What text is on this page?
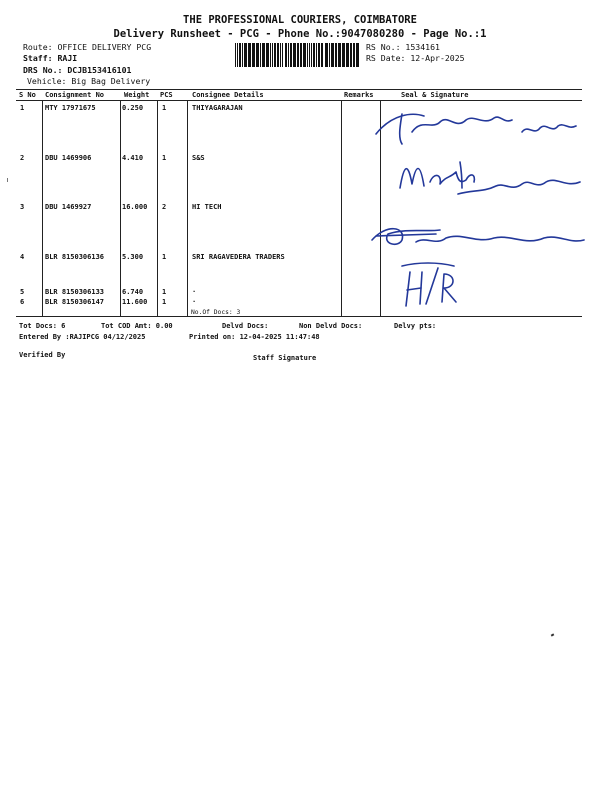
THE PROFESSIONAL COURIERS, COIMBATORE
Delivery Runsheet - PCG - Phone No.:9047080280 - Page No.:1
Route: OFFICE DELIVERY PCG
Staff: RAJI
DRS No.: DCJB153416101
Vehicle: Big Bag Delivery
RS No.: 1534161
RS Date: 12-Apr-2025
S No Consignment No	Weight PCS	Consignee Details	Remarks	Seal & Signature
1	MTY 17971675	0.250	1	THIYAGARAJAN
2	DBU 1469906	4.410	1	S&S
3	DBU 1469927	16.000 2	HI TECH
4	BLR 8150306136	5.300	1	SRI RAGAVEDERA TRADERS
5	BLR 8150306133	6.740	1	.
6	BLR 8150306147	11.600 1	.
No.Of Docs: 3
Tot Docs: 6	Tot COD Amt: 0.00	Delvd Docs:	Non Delvd Docs:	Delvy pts:
Entered By :RAJIPCG 04/12/2025	Printed on: 12-04-2025 11:47:48
Verified By	Staff Signature
